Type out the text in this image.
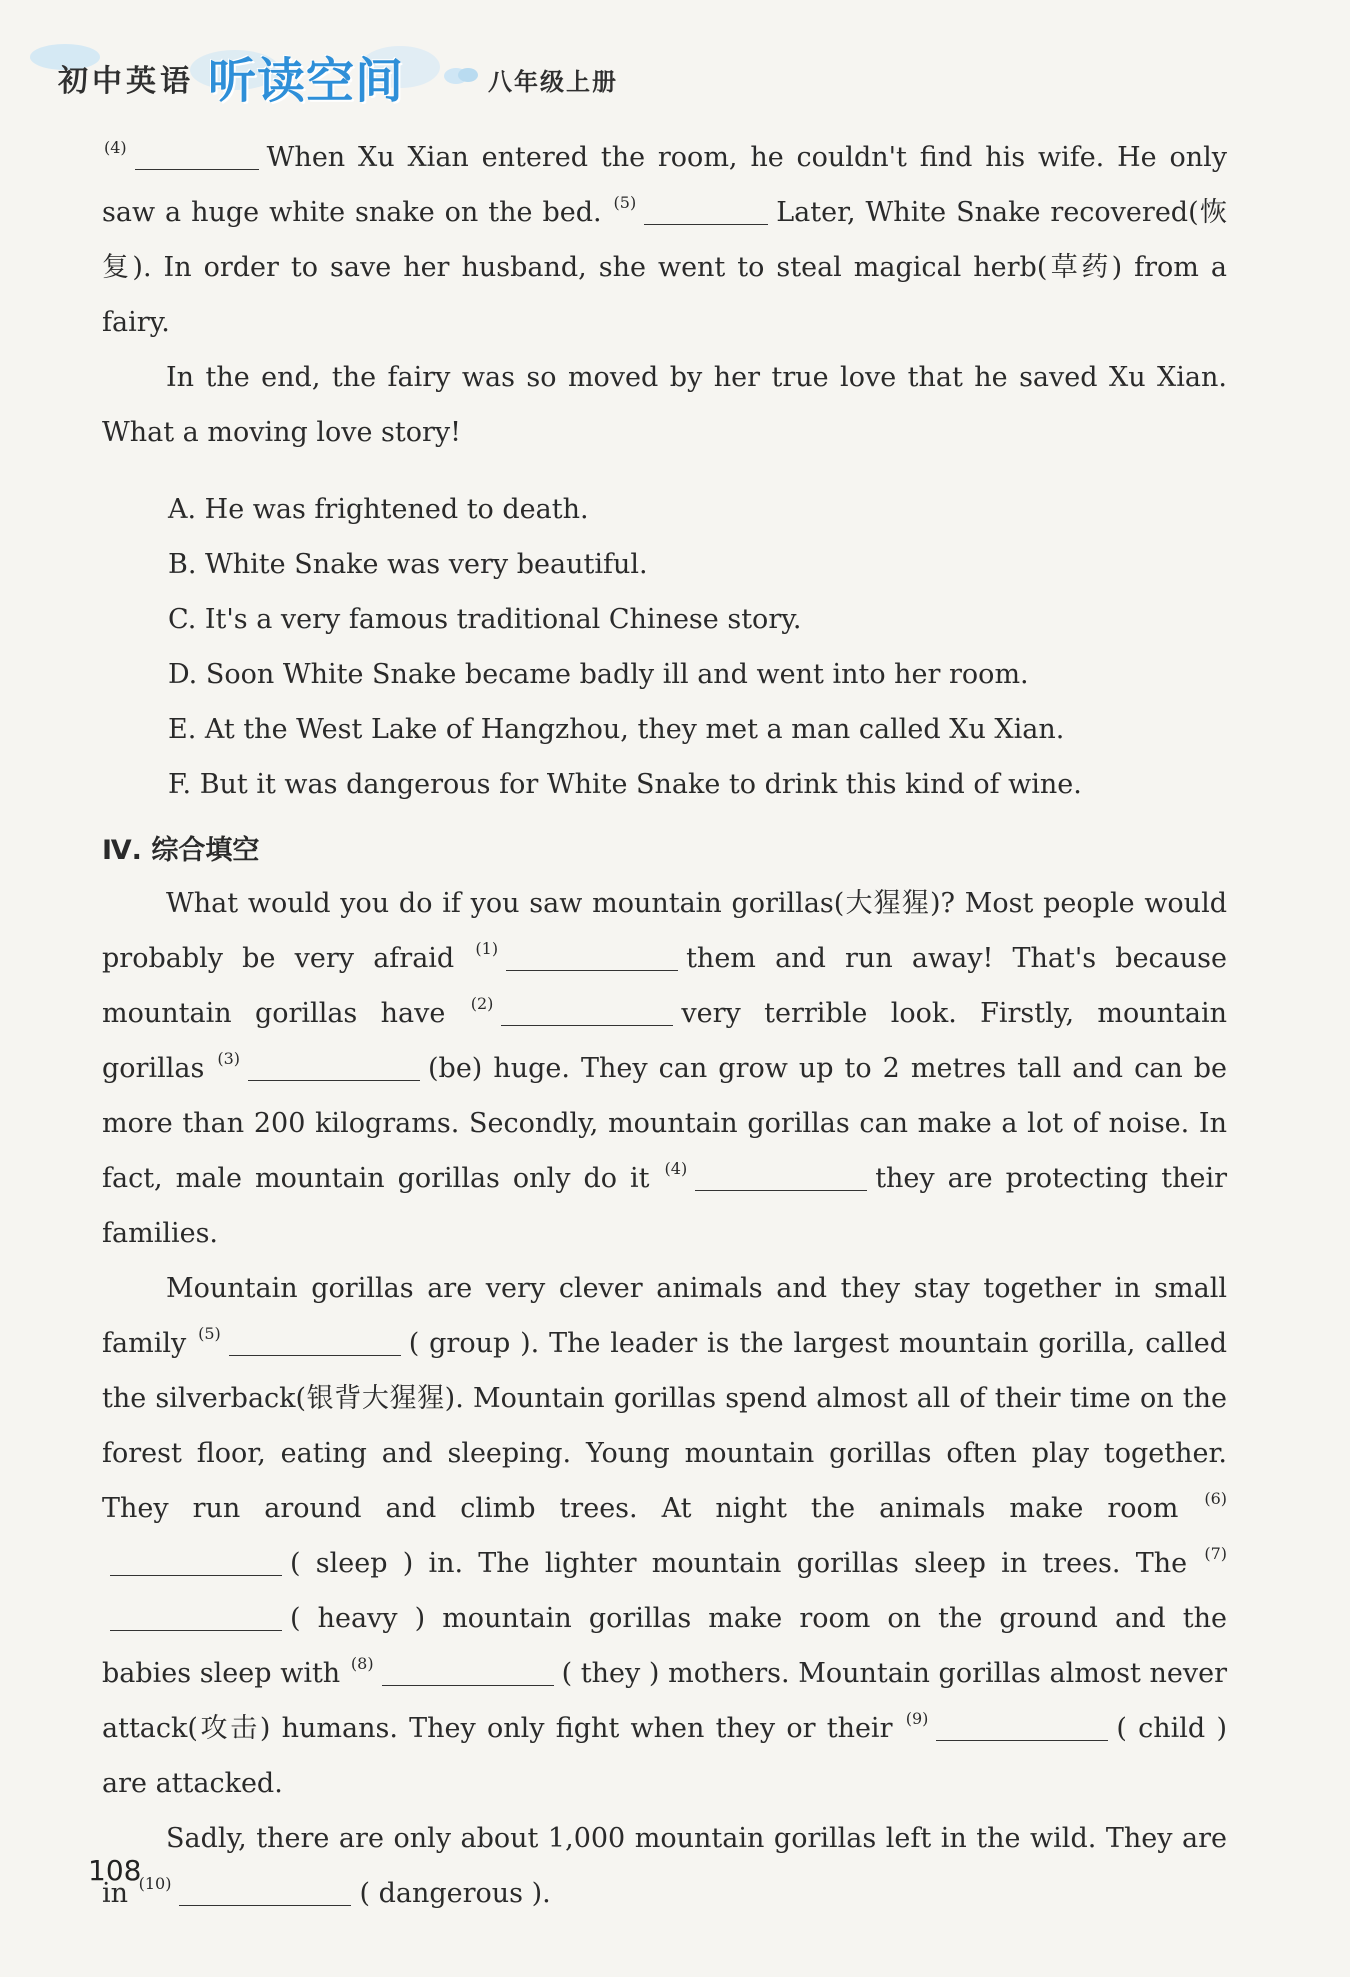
初中英语 听读空间	八年级上册

$^{(4)}$	When Xu Xian entered the room, he couldn't find his wife. He only saw a huge white snake on the bed. $^{(5)}$	Later, White Snake recovered(恢复). In order to save her husband, she went to steal magical herb(草药) from a fairy.

In the end, the fairy was so moved by her true love that he saved Xu Xian. What a moving love story!

A. He was frightened to death.

B. White Snake was very beautiful.

C. It's a very famous traditional Chinese story.

D. Soon White Snake became badly ill and went into her room.

E. At the West Lake of Hangzhou, they met a man called Xu Xian.

F. But it was dangerous for White Snake to drink this kind of wine.

Ⅳ. 综合填空

What would you do if you saw mountain gorillas(大猩猩)? Most people would probably be very afraid $^{(1)}$	them and run away! That's because mountain gorillas have $^{(2)}$	very terrible look. Firstly, mountain gorillas $^{(3)}$	(be) huge. They can grow up to 2 metres tall and can be more than 200 kilograms. Secondly, mountain gorillas can make a lot of noise. In fact, male mountain gorillas only do it $^{(4)}$	they are protecting their families.

Mountain gorillas are very clever animals and they stay together in small family $^{(5)}$	( group ). The leader is the largest mountain gorilla, called the silverback(银背大猩猩). Mountain gorillas spend almost all of their time on the forest floor, eating and sleeping. Young mountain gorillas often play together. They run around and climb trees. At night the animals make room $^{(6)}$( sleep ) in. The lighter mountain gorillas sleep in trees. The $^{(7)}$( heavy ) mountain gorillas make room on the ground and the babies sleep with $^{(8)}$	( they ) mothers. Mountain gorillas almost never attack(攻击) humans. They only fight when they or their $^{(9)}$	( child ) are attacked.

Sadly, there are only about 1,000 mountain gorillas left in the wild. They are in $^{(10)}$	( dangerous ).

108
